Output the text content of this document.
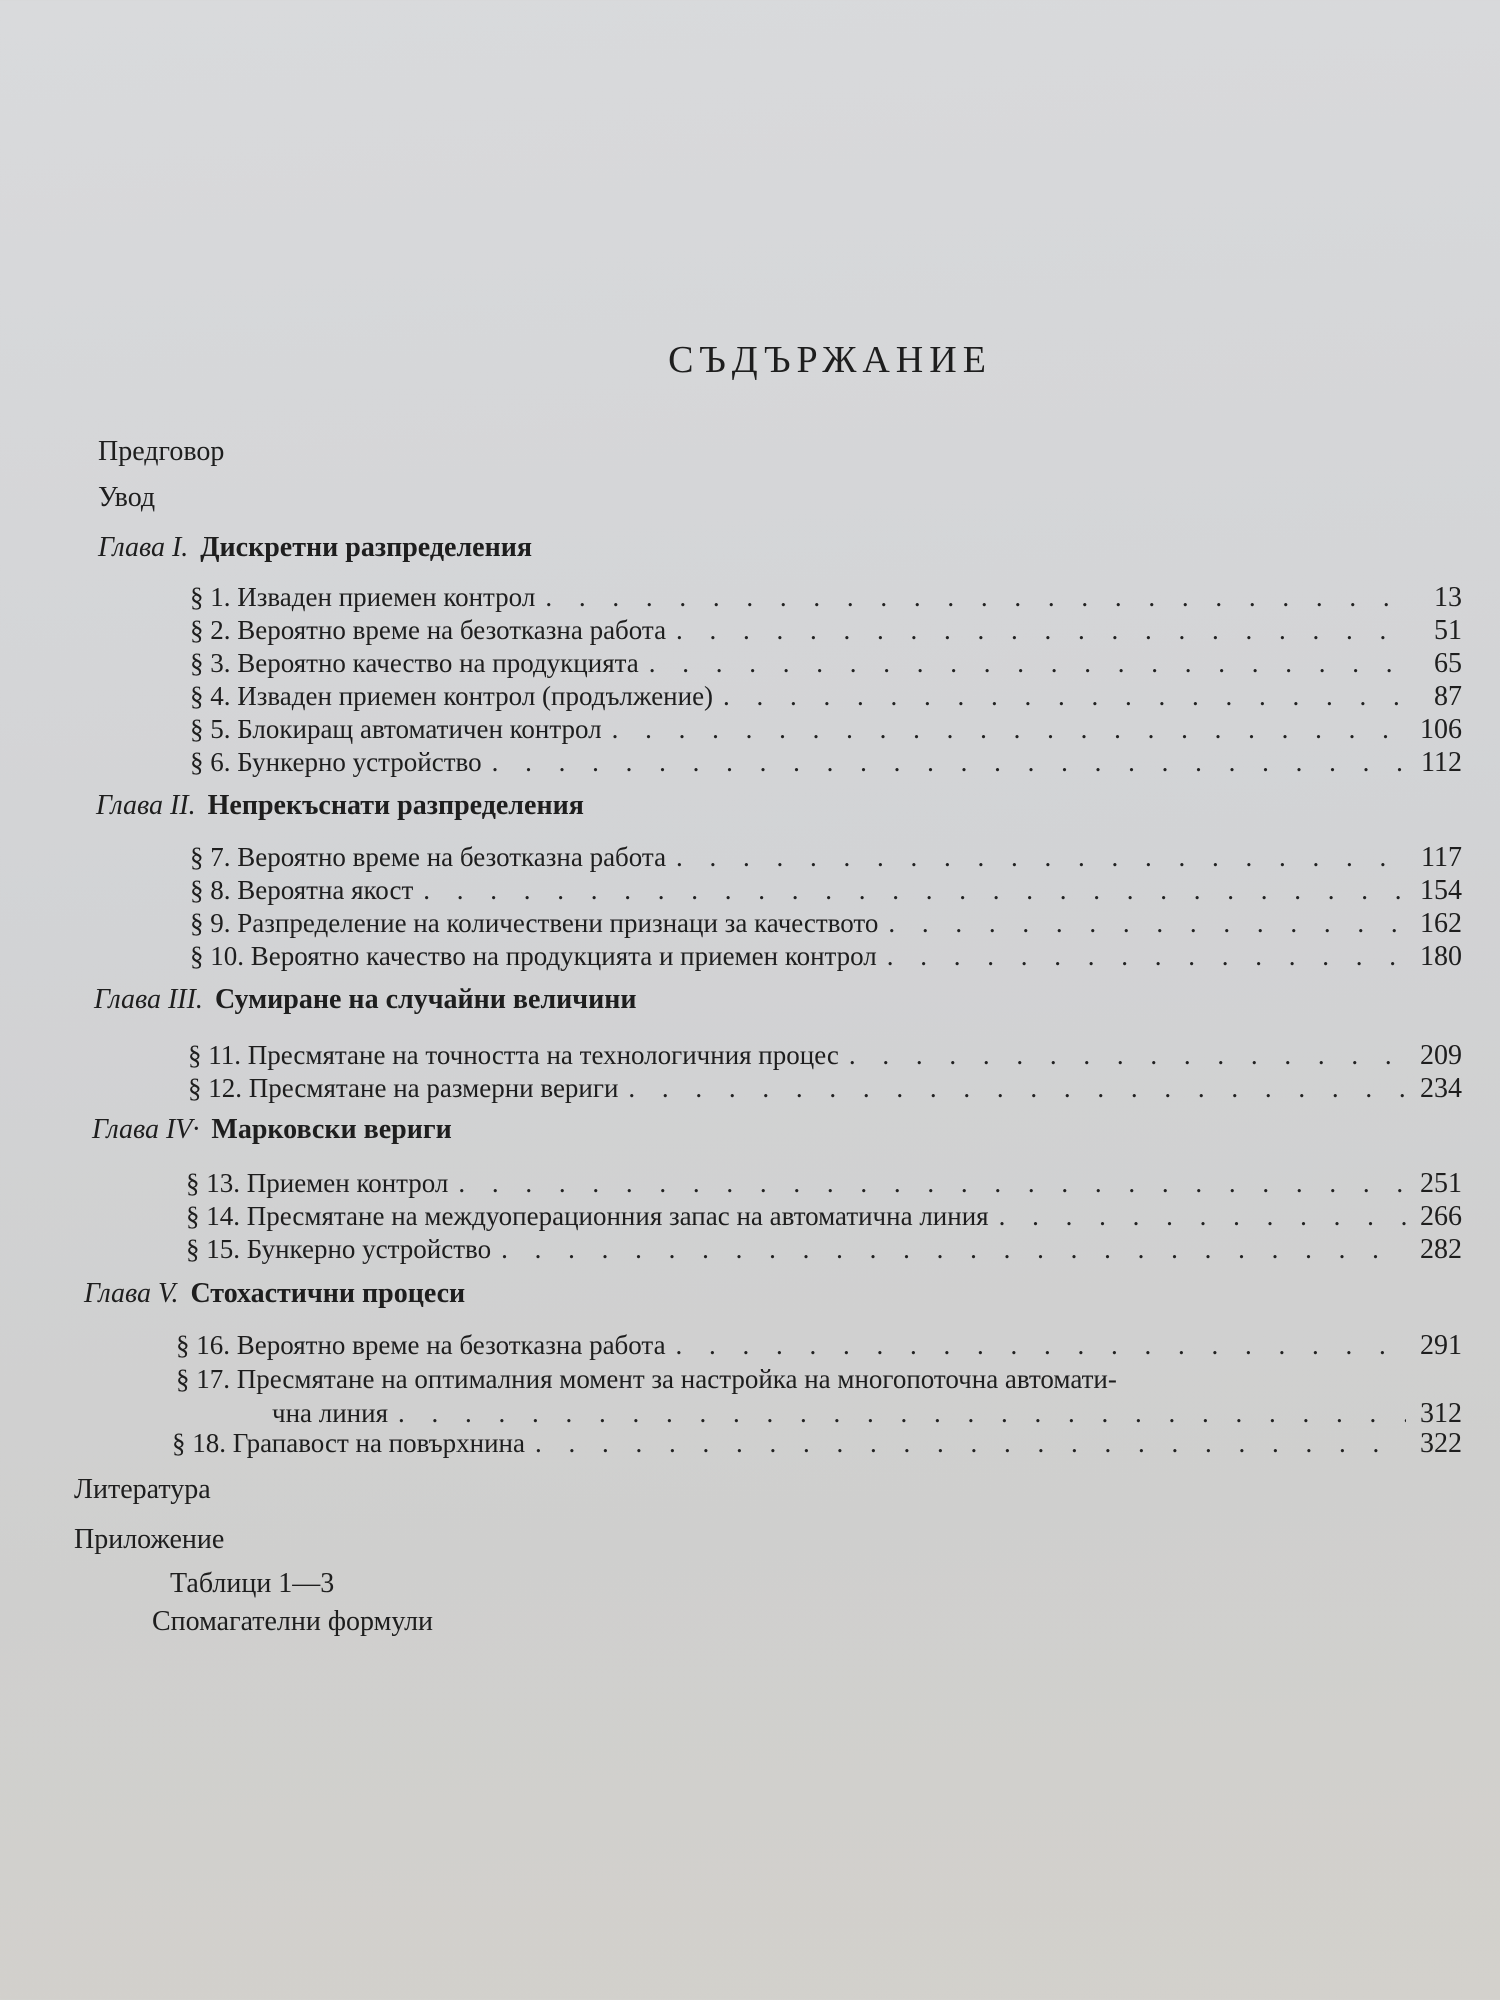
СЪДЪРЖАНИЕ
Предговор
Увод
Глава I. Дискретни разпределения
§ 1. Изваден приемен контрол . . .	13
§ 2. Вероятно време на безотказна работа . . .	51
§ 3. Вероятно качество на продукцията . . .	65
§ 4. Изваден приемен контрол (продължение) . . .	87
§ 5. Блокиращ автоматичен контрол . . .	106
§ 6. Бункерно устройство . . .	112
Глава II. Непрекъснати разпределения
§ 7. Вероятно време на безотказна работа . . .	117
§ 8. Вероятна якост . . .	154
§ 9. Разпределение на количествени признаци за качеството . . .	162
§ 10. Вероятно качество на продукцията и приемен контрол . . .	180
Глава III. Сумиране на случайни величини
§ 11. Пресмятане на точността на технологичния процес . . .	209
§ 12. Пресмятане на размерни вериги . . .	234
Глава IV· Марковски вериги
§ 13. Приемен контрол . . .	251
§ 14. Пресмятане на междуоперационния запас на автоматична линия . . .	266
§ 15. Бункерно устройство . . .	282
Глава V. Стохастични процеси
§ 16. Вероятно време на безотказна работа . . .	291
§ 17. Пресмятане на оптималния момент за настройка на многопоточна автомати-
чна линия . . .	312
§ 18. Грапавост на повърхнина . . .	322
Литература
Приложение
Таблици 1—3
Спомагателни формули
